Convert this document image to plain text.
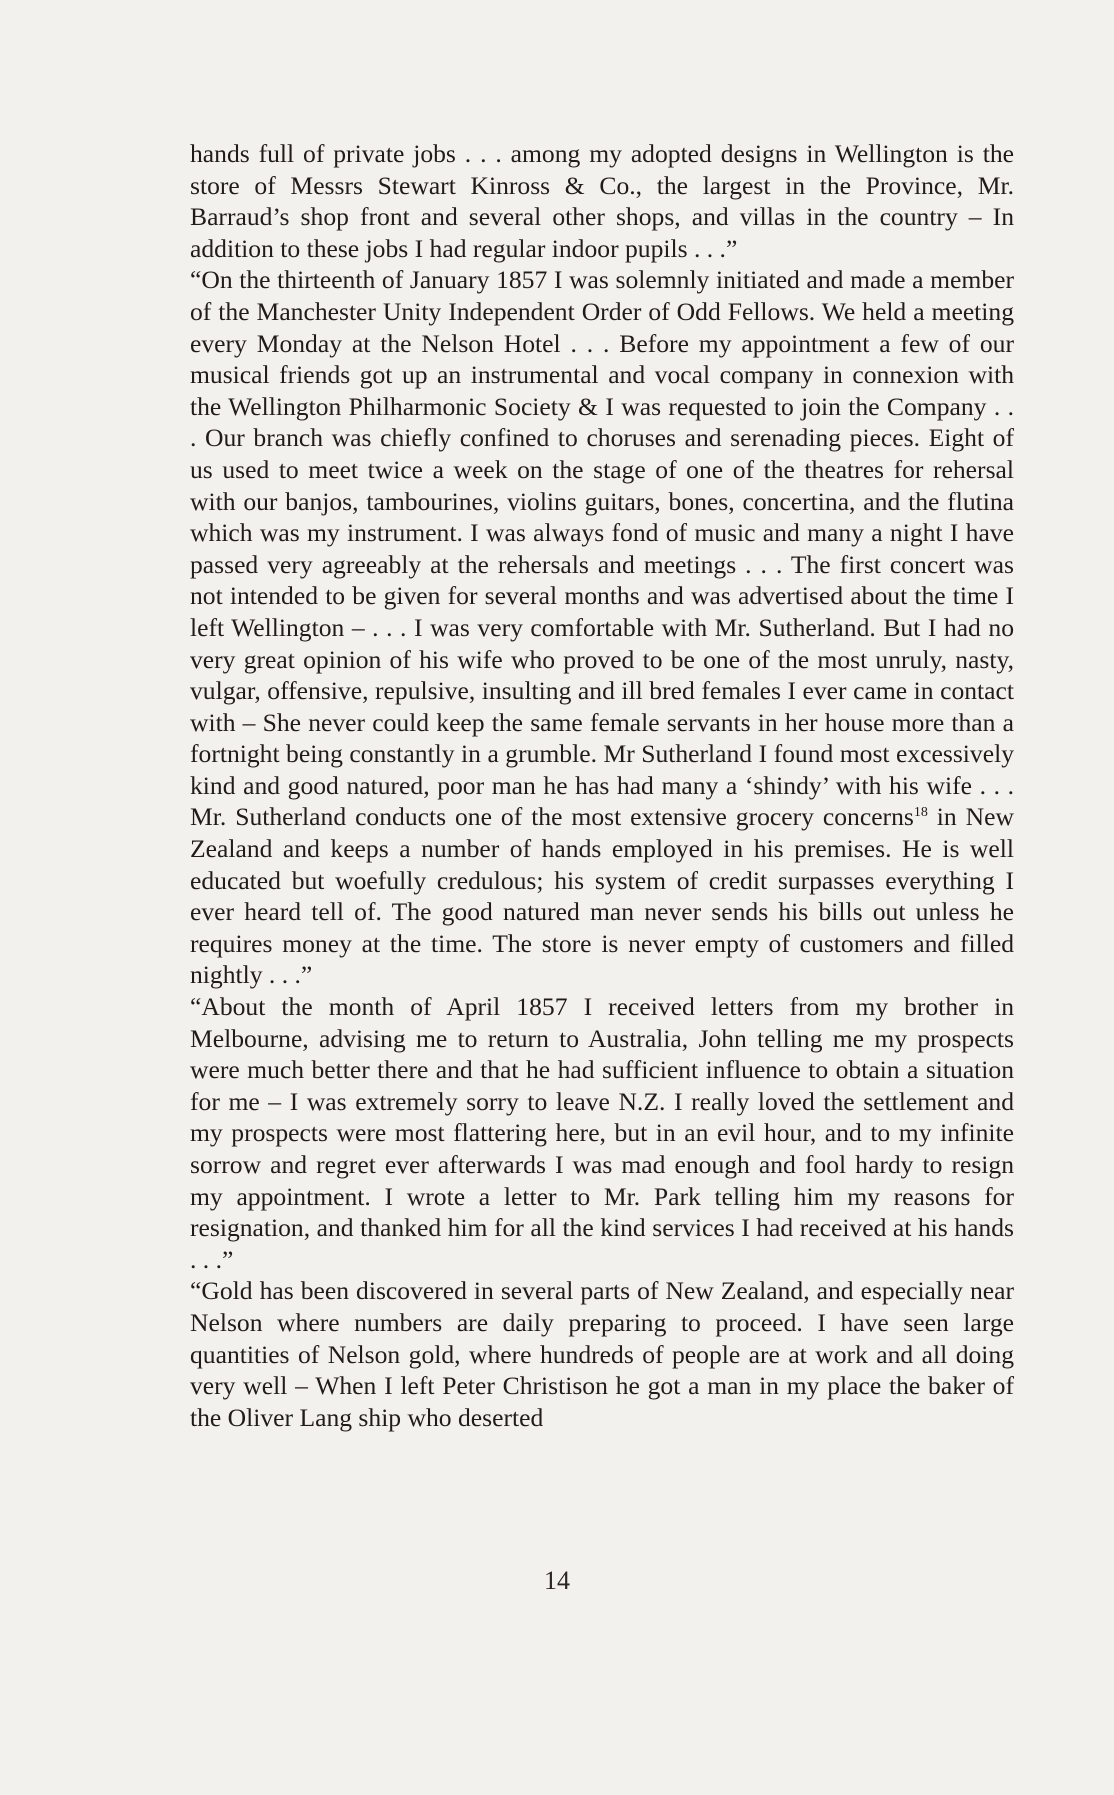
hands full of private jobs . . . among my adopted designs in Wellington is the store of Messrs Stewart Kinross & Co., the largest in the Province, Mr. Barraud’s shop front and several other shops, and villas in the country – In addition to these jobs I had regular indoor pupils . . .”

“On the thirteenth of January 1857 I was solemnly initiated and made a member of the Manchester Unity Independent Order of Odd Fellows. We held a meeting every Monday at the Nelson Hotel . . . Before my appointment a few of our musical friends got up an instrumental and vocal company in connexion with the Wellington Philharmonic Society & I was requested to join the Company . . . Our branch was chiefly confined to choruses and serenading pieces. Eight of us used to meet twice a week on the stage of one of the theatres for rehersal with our banjos, tambourines, violins guitars, bones, concertina, and the flutina which was my instrument. I was always fond of music and many a night I have passed very agreeably at the rehersals and meetings . . . The first concert was not intended to be given for several months and was advertised about the time I left Wellington – . . . I was very comfortable with Mr. Sutherland. But I had no very great opinion of his wife who proved to be one of the most unruly, nasty, vulgar, offensive, repulsive, insulting and ill bred females I ever came in contact with – She never could keep the same female servants in her house more than a fortnight being constantly in a grumble. Mr Sutherland I found most excessively kind and good natured, poor man he has had many a ‘shindy’ with his wife . . . Mr. Sutherland conducts one of the most extensive grocery concerns$^{18}$ in New Zealand and keeps a number of hands employed in his premises. He is well educated but woefully credulous; his system of credit surpasses everything I ever heard tell of. The good natured man never sends his bills out unless he requires money at the time. The store is never empty of customers and filled nightly . . .”

“About the month of April 1857 I received letters from my brother in Melbourne, advising me to return to Australia, John telling me my prospects were much better there and that he had sufficient influence to obtain a situation for me – I was extremely sorry to leave N.Z. I really loved the settlement and my prospects were most flattering here, but in an evil hour, and to my infinite sorrow and regret ever afterwards I was mad enough and fool hardy to resign my appointment. I wrote a letter to Mr. Park telling him my reasons for resignation, and thanked him for all the kind services I had received at his hands . . .”

“Gold has been discovered in several parts of New Zealand, and especially near Nelson where numbers are daily preparing to proceed. I have seen large quantities of Nelson gold, where hundreds of people are at work and all doing very well – When I left Peter Christison he got a man in my place the baker of the Oliver Lang ship who deserted

14
